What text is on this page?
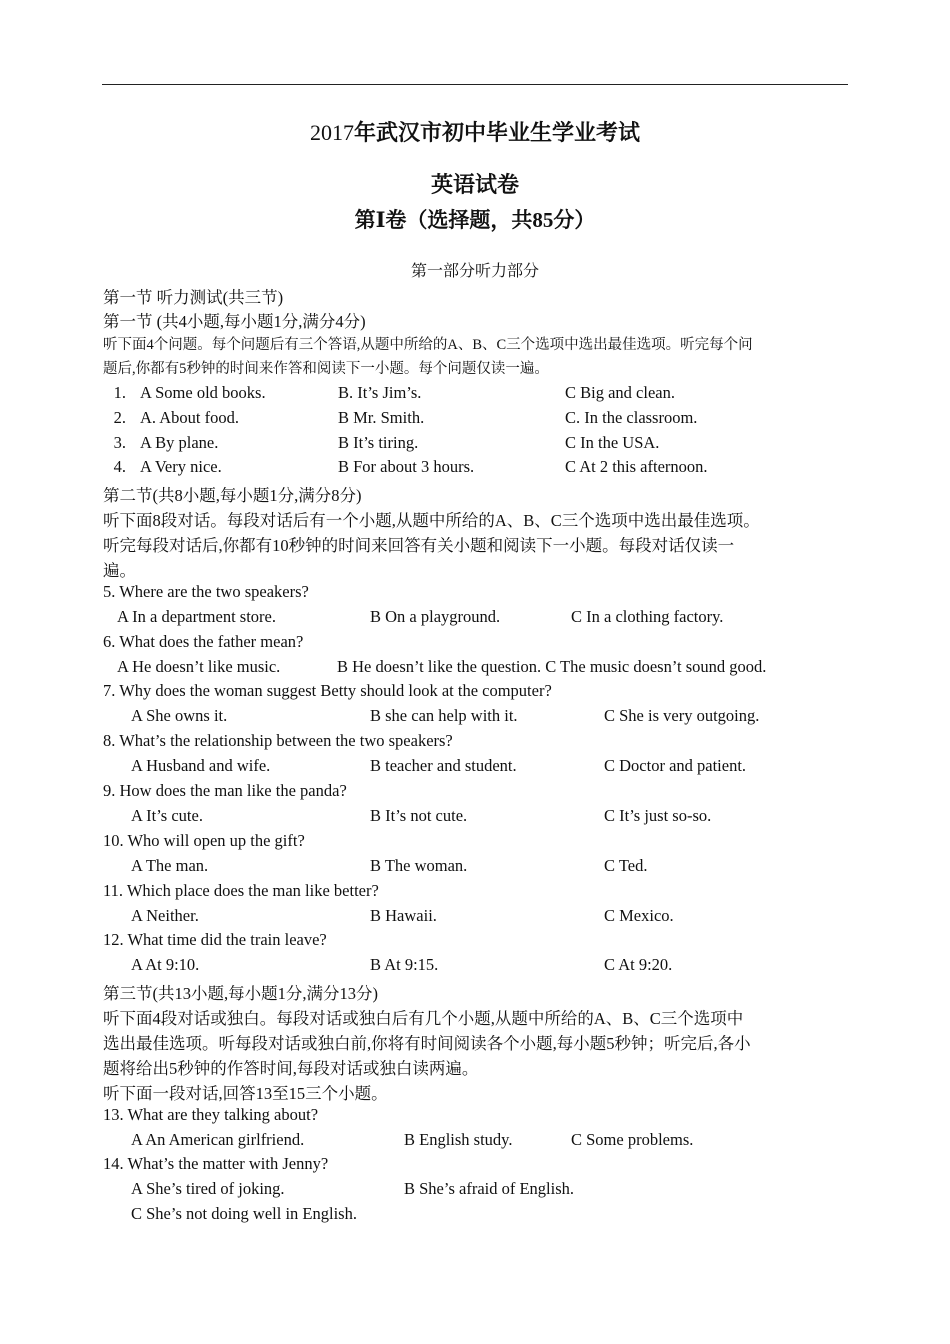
2017年武汉市初中毕业生学业考试
英语试卷
第Ⅰ卷（选择题，共85分）
第一部分听力部分
第一节 听力测试(共三节)
第一节 (共4小题,每小题1分,满分4分)
听下面4个问题。每个问题后有三个答语,从题中所给的A、B、C三个选项中选出最佳选项。听完每个问
题后,你都有5秒钟的时间来作答和阅读下一小题。每个问题仅读一遍。
1. A Some old books.	B. It’s Jim’s.	C Big and clean.
2. A. About food.	B Mr. Smith.	C. In the classroom.
3. A By plane.	B It’s tiring.	C In the USA.
4. A Very nice.	B For about 3 hours.	C At 2 this afternoon.
第二节(共8小题,每小题1分,满分8分)
听下面8段对话。每段对话后有一个小题,从题中所给的A、B、C三个选项中选出最佳选项。
听完每段对话后,你都有10秒钟的时间来回答有关小题和阅读下一小题。每段对话仅读一
遍。
5. Where are the two speakers?
A In a department store.	B On a playground.	C In a clothing factory.
6. What does the father mean?
A He doesn’t like music.	B He doesn’t like the question. C The music doesn’t sound good.
7. Why does the woman suggest Betty should look at the computer?
A She owns it.	B she can help with it.	C She is very outgoing.
8. What’s the relationship between the two speakers?
A Husband and wife.	B teacher and student.	C Doctor and patient.
9. How does the man like the panda?
A It’s cute.	B It’s not cute.	C It’s just so-so.
10. Who will open up the gift?
A The man.	B The woman.	C Ted.
11. Which place does the man like better?
A Neither.	B Hawaii.	C Mexico.
12. What time did the train leave?
A At 9:10.	B At 9:15.	C At 9:20.
第三节(共13小题,每小题1分,满分13分)
听下面4段对话或独白。每段对话或独白后有几个小题,从题中所给的A、B、C三个选项中
选出最佳选项。听每段对话或独白前,你将有时间阅读各个小题,每小题5秒钟；听完后,各小
题将给出5秒钟的作答时间,每段对话或独白读两遍。
听下面一段对话,回答13至15三个小题。
13. What are they talking about?
A An American girlfriend.	B English study.	C Some problems.
14. What’s the matter with Jenny?
A She’s tired of joking.	B She’s afraid of English.
C She’s not doing well in English.
